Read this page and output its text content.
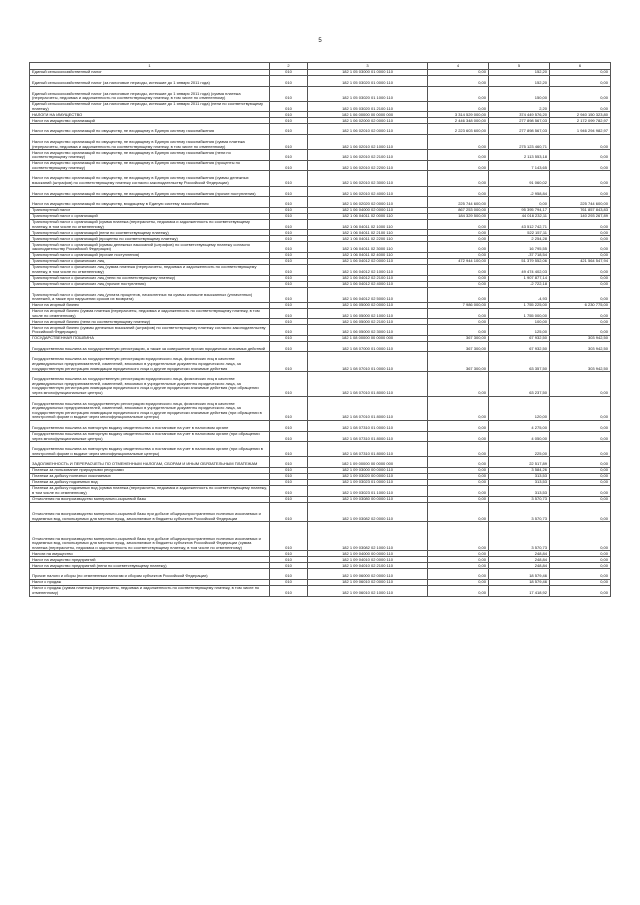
5
1	2	3	4	5	6
Единый сельскохозяйственный налог	010	182 1 05 03000 01 0000 110	0,00	152,20	0,00
Единый сельскохозяйственный налог (за налоговые периоды, истекшие до 1 января 2011 года)	010	182 1 05 03020 01 0000 110	0,00	152,20	0,00
Единый сельскохозяйственный налог (за налоговые периоды, истекшие до 1 января 2011 года) (сумма платежа (перерасчеты, недоимка и задолженность по соответствующему платежу, в том числе по отмененному)	010	182 1 05 03020 01 1000 110	0,00	150,00	0,00
Единый сельскохозяйственный налог (за налоговые периоды, истекшие до 1 января 2011 года) (пени по соответствующему платежу)	010	182 1 05 03020 01 2100 110	0,00	2,20	0,00
НАЛОГИ НА ИМУЩЕСТВО	010	182 1 06 00000 00 0000 000	3 314 529 000,00	374 449 576,20	2 940 150 323,80
Налог на имущество организаций	010	182 1 06 02000 02 0000 110	2 446 348 000,00	277 898 567,03	2 172 099 782,97
Налог на имущество организаций по имуществу, не входящему в Единую систему газоснабжения	010	182 1 06 02010 02 0000 110	2 223 603 600,00	277 898 567,03	1 946 294 982,97
Налог на имущество организаций по имуществу, не входящему в Единую систему газоснабжения (сумма платежа (перерасчеты, недоимка и задолженность по соответствующему платежу, в том числе по отмененному)	010	182 1 06 02010 02 1000 110	0,00	275 123 460,71	0,00
Налог на имущество организаций по имуществу, не входящему в Единую систему газоснабжения (пени по соответствующему платежу)	010	182 1 06 02010 02 2100 110	0,00	2 113 553,18	0,00
Налог на имущество организаций по имуществу, не входящему в Единую систему газоснабжения (проценты по соответствующему платежу)	010	182 1 06 02010 02 2200 110	0,00	7 143,65	0,00
Налог на имущество организаций по имуществу, не входящему в Единую систему газоснабжения (суммы денежных взысканий (штрафов) по соответствующему платежу согласно законодательству Российской Федерации)	010	182 1 06 02010 02 3000 110	0,00	91 060,02	0,00
Налог на имущество организаций по имуществу, не входящему в Единую систему газоснабжения (прочие поступления)	010	182 1 06 02010 02 4000 110	0,00	-2 958,84	0,00
Налог на имущество организаций по имуществу, входящему в Единую систему газоснабжения	010	182 1 06 02020 02 0000 110	225 744 600,00	0,00	225 744 600,00
Транспортный налог	010	182 1 06 04000 02 0000 110	867 253 000,00	95 395 794,17	761 857 843,83
Транспортный налог с организаций	010	182 1 06 04011 02 0000 110	184 329 500,00	44 016 232,11	140 293 267,89
Транспортный налог с организаций (сумма платежа (перерасчеты, недоимка и задолженность по соответствующему платежу, в том числе по отмененному)	010	182 1 06 04011 02 1000 110	0,00	43 512 742,71	0,00
Транспортный налог с организаций (пени по соответствующему платежу)	010	182 1 06 04011 02 2100 110	0,00	522 157,11	0,00
Транспортный налог с организаций (проценты по соответствующему платежу)	010	182 1 06 04011 02 2200 110	0,00	2 254,28	0,00
Транспортный налог с организаций (суммы денежных взысканий (штрафов) по соответствующему платежу согласно законодательству Российской Федерации)	010	182 1 06 04011 02 3000 110	0,00	16 795,55	0,00
Транспортный налог с организаций (прочие поступления)	010	182 1 06 04011 02 4000 110	0,00	-37 718,54	0,00
Транспортный налог с физических лиц	010	182 1 06 04012 02 0000 110	472 944 100,00	51 379 552,06	421 564 547,94
Транспортный налог с физических лиц (сумма платежа (перерасчеты, недоимка и задолженность по соответствующему платежу, в том числе по отмененному)	010	182 1 06 04012 02 1000 110	0,00	49 474 402,03	0,00
Транспортный налог с физических лиц (пени по соответствующему платежу)	010	182 1 06 04012 02 2100 110	0,00	1 907 877,14	0,00
Транспортный налог с физических лиц (прочие поступления)	010	182 1 06 04012 02 4000 110	0,00	-2 722,18	0,00
Транспортный налог с физических лиц (уплата процентов, начисленных на суммы излишне взысканных (уплаченных) платежей, а также при нарушении сроков их возврата)	010	182 1 06 04012 02 5000 110	0,00	-4,93	0,00
Налог на игорный бизнес	010	182 1 06 05000 02 0000 110	7 986 000,00	1 755 225,00	6 230 775,00
Налог на игорный бизнес (сумма платежа (перерасчеты, недоимка и задолженность по соответствующему платежу, в том числе по отмененному)	010	182 1 06 05000 02 1000 110	0,00	1 755 000,00	0,00
Налог на игорный бизнес (пени по соответствующему платежу)	010	182 1 06 05000 02 2100 110	0,00	100,00	0,00
Налог на игорный бизнес (суммы денежных взысканий (штрафов) по соответствующему платежу согласно законодательству Российской Федерации)	010	182 1 06 05000 02 3000 110	0,00	125,00	0,00
ГОСУДАРСТВЕННАЯ ПОШЛИНА	010	182 1 08 00000 00 0000 000	367 300,00	67 932,50	303 942,50
Государственная пошлина за государственную регистрацию, а также за совершение прочих юридически значимых действий	010	182 1 08 07000 01 0000 110	367 300,00	67 932,50	303 942,50
Государственная пошлина за государственную регистрацию юридического лица, физических лиц в качестве индивидуальных предпринимателей, изменений, вносимых в учредительные документы юридического лица, за государственную регистрацию ликвидации юридического лица и другие юридически значимые действия	010	182 1 08 07010 01 0000 110	367 300,00	63 357,50	303 942,50
Государственная пошлина за государственную регистрацию юридического лица, физических лиц в качестве индивидуальных предпринимателей, изменений, вносимых в учредительные документы юридического лица, за государственную регистрацию ликвидации юридического лица и другие юридически значимые действия (при обращении через многофункциональные центры)	010	182 1 08 07010 01 8000 110	0,00	63 237,50	0,00
Государственная пошлина за государственную регистрацию юридического лица, физических лиц в качестве индивидуальных предпринимателей, изменений, вносимых в учредительные документы юридического лица, за государственную регистрацию ликвидации юридического лица и другие юридически значимые действия (при обращении в электронной форме и выдаче через многофункциональные центры)	010	182 1 08 07010 01 8000 110	0,00	120,00	0,00
Государственная пошлина за повторную выдачу свидетельства о постановке на учет в налоговом органе	010	182 1 08 07310 01 0000 110	0,00	4 275,00	0,00
Государственная пошлина за повторную выдачу свидетельства о постановке на учет в налоговом органе (при обращении через многофункциональные центры)	010	182 1 08 07310 01 8000 110	0,00	4 050,00	0,00
Государственная пошлина за повторную выдачу свидетельства о постановке на учет в налоговом органе (при обращении в электронной форме и выдаче через многофункциональные центры)	010	182 1 08 07310 01 8000 110	0,00	225,00	0,00
ЗАДОЛЖЕННОСТЬ И ПЕРЕРАСЧЕТЫ ПО ОТМЕНЕННЫМ НАЛОГАМ, СБОРАМ И ИНЫМ ОБЯЗАТЕЛЬНЫМ ПЛАТЕЖАМ	010	182 1 09 00000 00 0000 000	0,00	22 517,89	0,00
Платежи за пользование природными ресурсами	010	182 1 09 03000 00 0000 110	0,00	3 584,26	0,00
Платежи за добычу полезных ископаемых	010	182 1 09 03020 00 0000 110	0,00	313,53	0,00
Платежи за добычу подземных вод	010	182 1 09 03023 01 0000 110	0,00	313,53	0,00
Платежи за добычу подземных вод (сумма платежа (перерасчеты, недоимка и задолженность по соответствующему платежу, в том числе по отмененному)	010	182 1 09 03023 01 1000 110	0,00	313,53	0,00
Отчисления на воспроизводство минерально-сырьевой базы	010	182 1 09 03080 00 0000 110	0,00	3 570,73	0,00
Отчисления на воспроизводство минерально-сырьевой базы при добыче общераспространенных полезных ископаемых и подземных вод, используемых для местных нужд, зачисляемые в бюджеты субъектов Российской Федерации	010	182 1 09 03082 02 0000 110	0,00	3 570,73	0,00
Отчисления на воспроизводство минерально-сырьевой базы при добыче общераспространенных полезных ископаемых и подземных вод, используемых для местных нужд, зачисляемые в бюджеты субъектов Российской Федерации (сумма платежа (перерасчеты, недоимка и задолженность по соответствующему платежу, в том числе по отмененному)	010	182 1 09 03082 02 1000 110	0,00	3 570,73	0,00
Налоги на имущество	010	182 1 09 04000 00 0000 110	0,00	248,84	0,00
Налог на имущество предприятий	010	182 1 09 04010 02 0000 110	0,00	248,84	0,00
Налог на имущество предприятий (пени по соответствующему платежу)	010	182 1 09 04010 02 2100 110	0,00	248,84	0,00
Прочие налоги и сборы (по отмененным налогам и сборам субъектов Российской Федерации)	010	182 1 09 06000 02 0000 110	0,00	18 579,46	0,00
Налог с продаж	010	182 1 09 06010 02 0000 110	0,00	18 579,46	0,00
Налог с продаж (сумма платежа (перерасчеты, недоимка и задолженность по соответствующему платежу, в том числе по отмененному)	010	182 1 09 06010 02 1000 110	0,00	17 418,92	0,00
